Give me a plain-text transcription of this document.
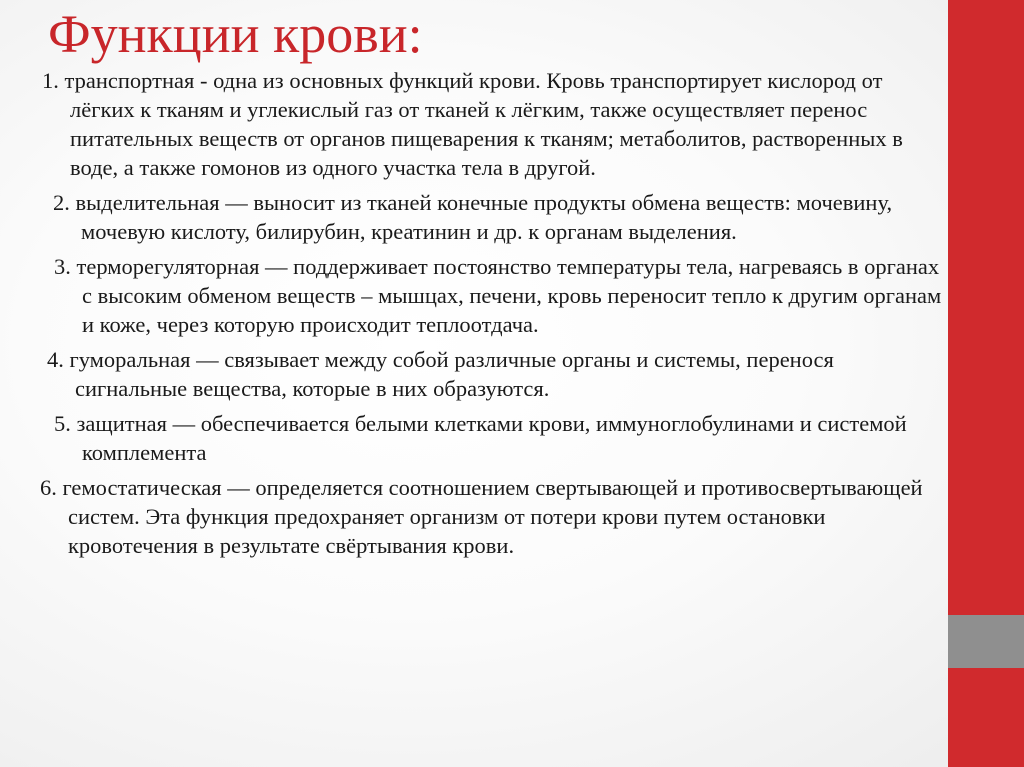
Функции крови:

1. транспортная - одна из основных функций крови. Кровь транспортирует кислород от лёгких к тканям и углекислый газ от тканей к лёгким, также осуществляет перенос питательных веществ от органов пищеварения к тканям; метаболитов, растворенных в воде, а также гомонов из одного участка тела в другой.

2. выделительная — выносит из тканей конечные продукты обмена веществ: мочевину, мочевую кислоту, билирубин, креатинин и др. к органам выделения.

3. терморегуляторная — поддерживает постоянство температуры тела, нагреваясь в органах с высоким обменом веществ – мышцах, печени, кровь переносит тепло к другим органам и коже, через которую происходит теплоотдача.

4. гуморальная — связывает между собой различные органы и системы, перенося сигнальные вещества, которые в них образуются.

5. защитная — обеспечивается белыми клетками крови, иммуноглобулинами и системой комплемента

6. гемостатическая — определяется соотношением свертывающей и противосвертывающей систем. Эта функция предохраняет организм от потери крови путем остановки кровотечения в результате свёртывания крови.
